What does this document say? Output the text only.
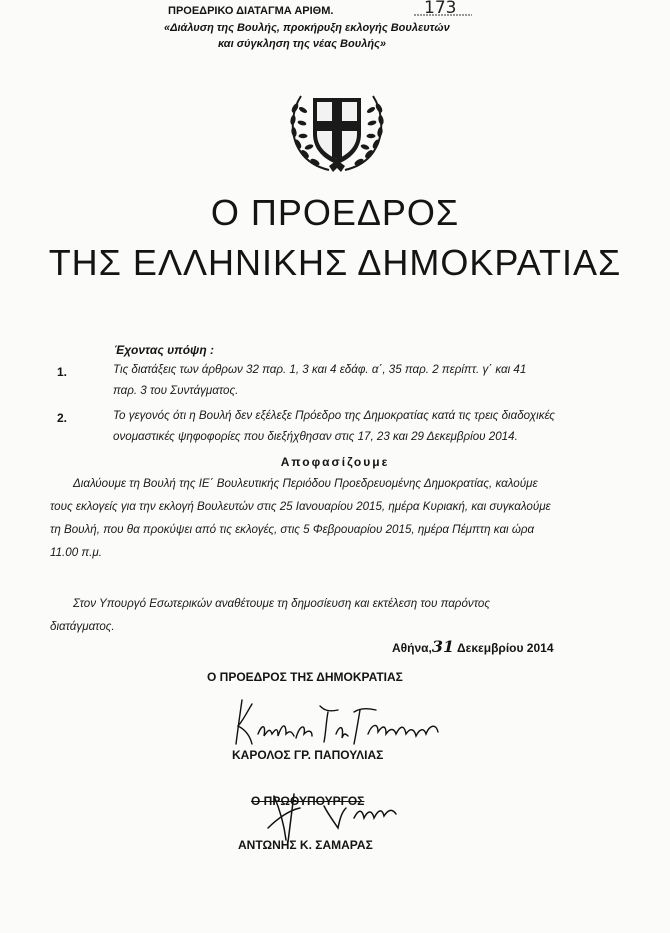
ΠΡΟΕΔΡΙΚΟ ΔΙΑΤΑΓΜΑ ΑΡΙΘΜ.	173
«Διάλυση της Βουλής, προκήρυξη εκλογής Βουλευτών
και σύγκληση της νέας Βουλής»
Ο ΠΡΟΕΔΡΟΣ
ΤΗΣ ΕΛΛΗΝΙΚΗΣ ΔΗΜΟΚΡΑΤΙΑΣ
Έχοντας υπόψη :
1.	Τις διατάξεις των άρθρων 32 παρ. 1, 3 και 4 εδάφ. α΄, 35 παρ. 2 περίπτ. γ΄ και 41
παρ. 3 του Συντάγματος.
2.	Το γεγονός ότι η Βουλή δεν εξέλεξε Πρόεδρο της Δημοκρατίας κατά τις τρεις διαδοχικές
ονομαστικές ψηφοφορίες που διεξήχθησαν στις 17, 23 και 29 Δεκεμβρίου 2014.
Αποφασίζουμε
Διαλύουμε τη Βουλή της ΙΕ΄ Βουλευτικής Περιόδου Προεδρευομένης Δημοκρατίας, καλούμε
τους εκλογείς για την εκλογή Βουλευτών στις 25 Ιανουαρίου 2015, ημέρα Κυριακή, και συγκαλούμε
τη Βουλή, που θα προκύψει από τις εκλογές, στις 5 Φεβρουαρίου 2015, ημέρα Πέμπτη και ώρα
11.00 π.μ.
Στον Υπουργό Εσωτερικών αναθέτουμε τη δημοσίευση και εκτέλεση του παρόντος
διατάγματος.
Αθήνα,31 Δεκεμβρίου 2014
Ο ΠΡΟΕΔΡΟΣ ΤΗΣ ΔΗΜΟΚΡΑΤΙΑΣ
ΚΑΡΟΛΟΣ ΓΡ. ΠΑΠΟΥΛΙΑΣ
Ο ΠΡΩΘΥΠΟΥΡΓΟΣ
ΑΝΤΩΝΗΣ Κ. ΣΑΜΑΡΑΣ
